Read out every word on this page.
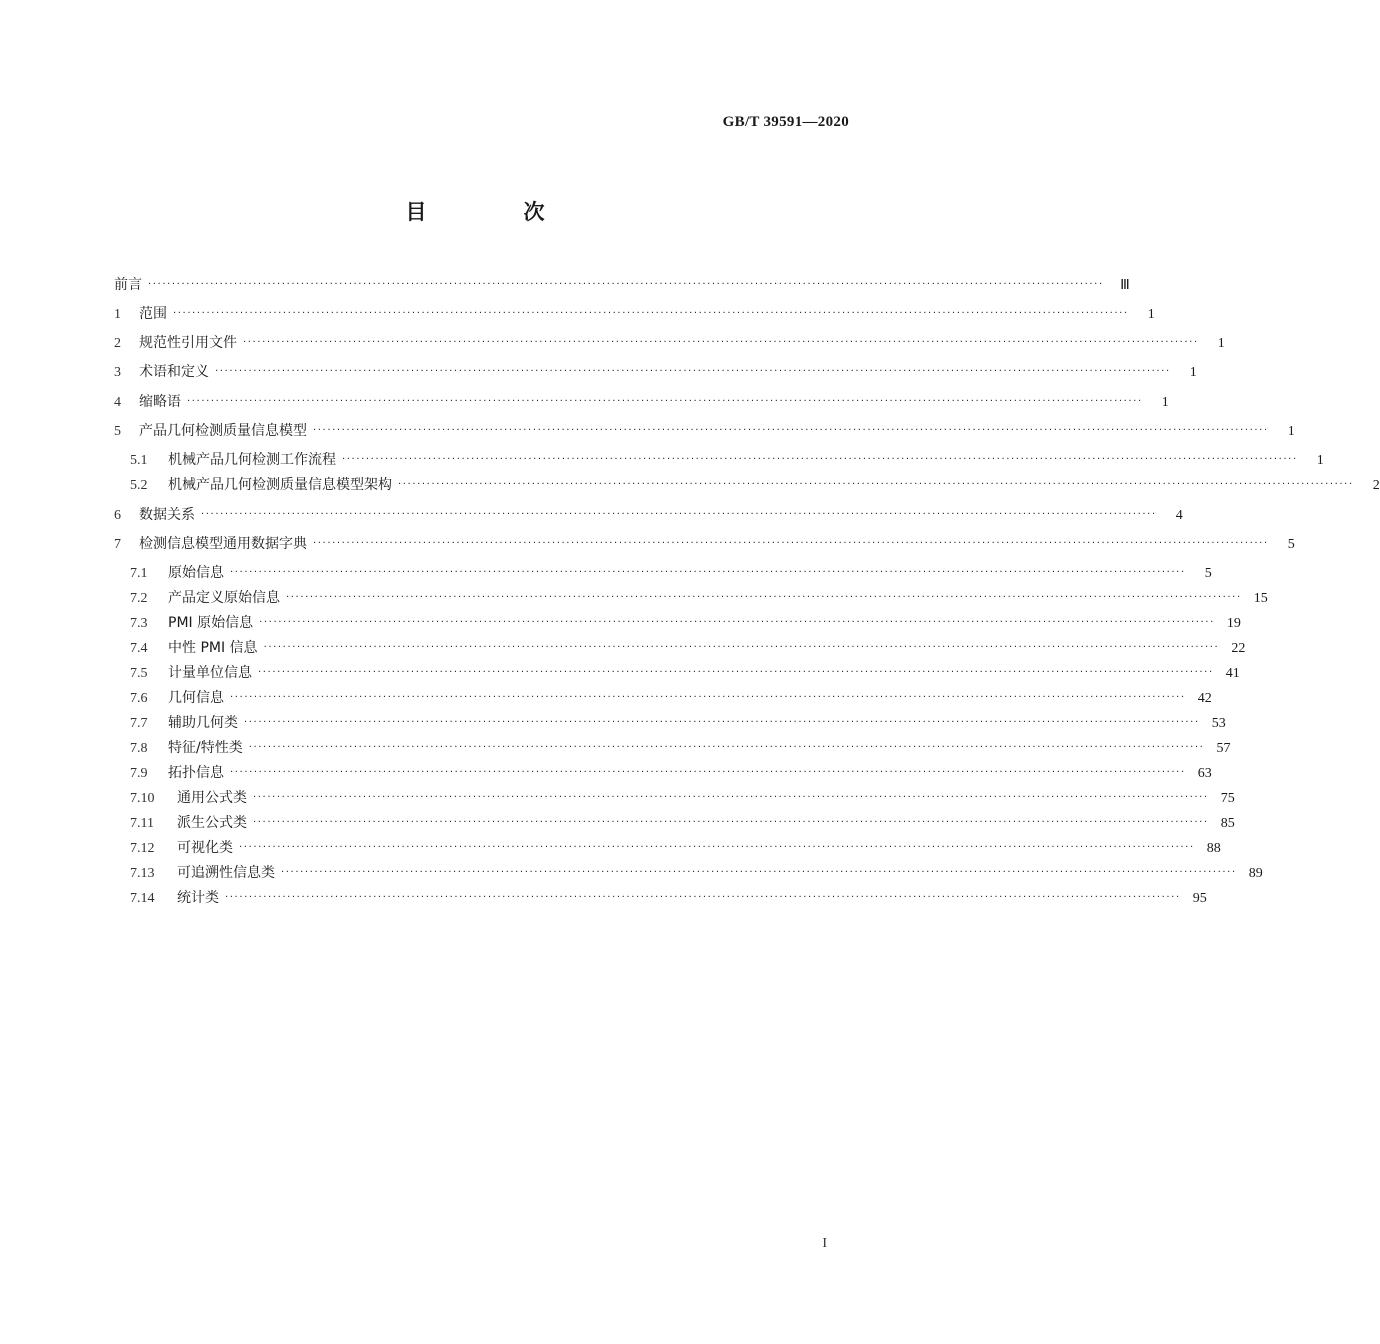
GB/T 39591—2020
目　次
前言 ········································································································································································································	Ⅲ
1	范围 ········································································································································································································	1
2	规范性引用文件 ········································································································································································································	1
3	术语和定义 ········································································································································································································	1
4	缩略语 ········································································································································································································	1
5	产品几何检测质量信息模型 ········································································································································································································	1
5.1	机械产品几何检测工作流程 ········································································································································································································	1
5.2	机械产品几何检测质量信息模型架构 ········································································································································································································	2
6	数据关系 ········································································································································································································	4
7	检测信息模型通用数据字典 ········································································································································································································	5
7.1	原始信息 ········································································································································································································	5
7.2	产品定义原始信息 ········································································································································································································ 15
7.3	PMI 原始信息 ········································································································································································································ 19
7.4	中性 PMI 信息 ········································································································································································································ 22
7.5	计量单位信息 ········································································································································································································ 41
7.6	几何信息 ········································································································································································································ 42
7.7	辅助几何类 ········································································································································································································ 53
7.8	特征/特性类 ········································································································································································································ 57
7.9	拓扑信息 ········································································································································································································ 63
7.10	通用公式类 ········································································································································································································ 75
7.11	派生公式类 ········································································································································································································ 85
7.12	可视化类 ········································································································································································································ 88
7.13	可追溯性信息类 ········································································································································································································ 89
7.14	统计类 ········································································································································································································ 95
I
